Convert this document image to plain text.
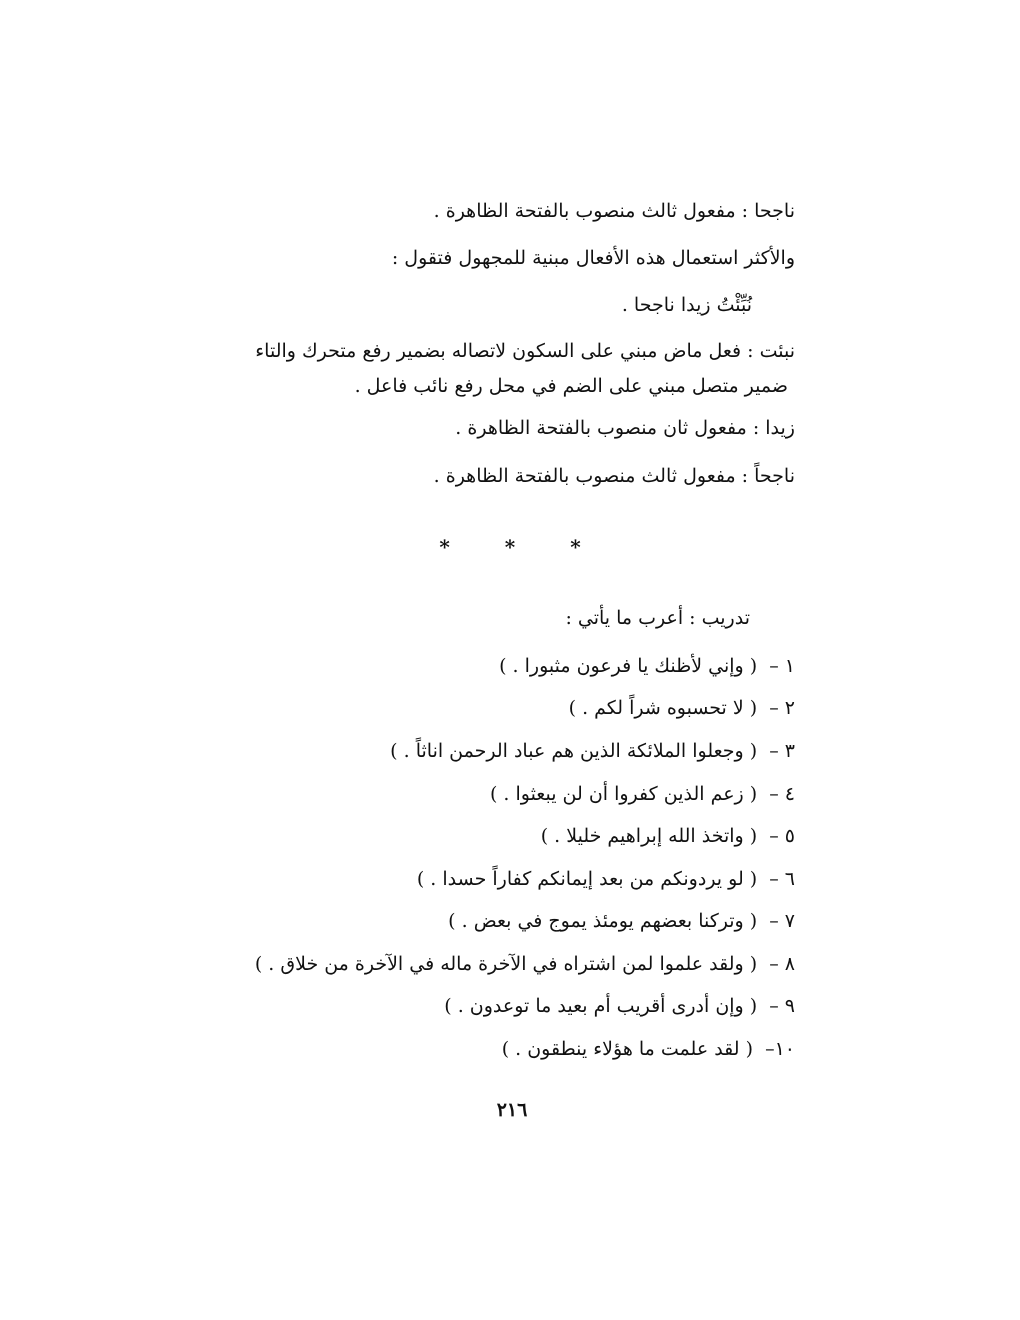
ناجحا : مفعول ثالث منصوب بالفتحة الظاهرة .
والأكثر استعمال هذه الأفعال مبنية للمجهول فتقول :
نُبِّئْتُ زيدا ناجحا .
نبئت : فعل ماض مبني على السكون لاتصاله بضمير رفع متحرك والتاء
ضمير متصل مبني على الضم في محل رفع نائب فاعل .
زيدا : مفعول ثان منصوب بالفتحة الظاهرة .
ناجحاً : مفعول ثالث منصوب بالفتحة الظاهرة .
* * *
تدريب : أعرب ما يأتي :
١ – ( وإني لأظنك يا فرعون مثبورا . )
٢ – ( لا تحسبوه شراً لكم . )
٣ – ( وجعلوا الملائكة الذين هم عباد الرحمن اناثاً . )
٤ – ( زعم الذين كفروا أن لن يبعثوا . )
٥ – ( واتخذ الله إبراهيم خليلا . )
٦ – ( لو يردونكم من بعد إيمانكم كفاراً حسدا . )
٧ – ( وتركنا بعضهم يومئذ يموج في بعض . )
٨ – ( ولقد علموا لمن اشتراه في الآخرة ماله في الآخرة من خلاق . )
٩ – ( وإن أدرى أقريب أم بعيد ما توعدون . )
١٠– ( لقد علمت ما هؤلاء ينطقون . )
٢١٦
